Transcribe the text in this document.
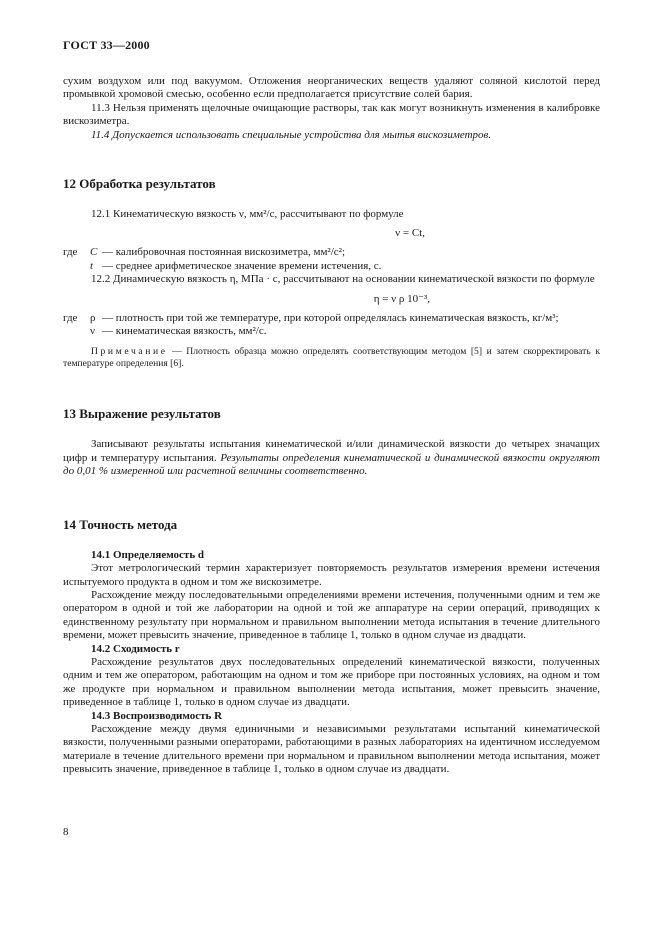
ГОСТ 33—2000

сухим воздухом или под вакуумом. Отложения неорганических веществ удаляют соляной кислотой перед промывкой хромовой смесью, особенно если предполагается присутствие солей бария.

11.3 Нельзя применять щелочные очищающие растворы, так как могут возникнуть изменения в калибровке вискозиметра.

11.4 Допускается использовать специальные устройства для мытья вискозиметров.

12 Обработка результатов

12.1 Кинематическую вязкость ν, мм²/с, рассчитывают по формуле

ν = Ct,
где	C — калибровочная постоянная вискозиметра, мм²/с²;
t — среднее арифметическое значение времени истечения, с.

12.2 Динамическую вязкость η, МПа · с, рассчитывают на основании кинематической вязкости по формуле

η = ν ρ 10⁻³,
где	ρ — плотность при той же температуре, при которой определялась кинематическая вязкость, кг/м³;
ν — кинематическая вязкость, мм²/с.
Примечание — Плотность образца можно определять соответствующим методом [5] и затем скорректировать к температуре определения [6].
13 Выражение результатов

Записывают результаты испытания кинематической и/или динамической вязкости до четырех значащих цифр и температуру испытания. Результаты определения кинематической и динамической вязкости округляют до 0,01 % измеренной или расчетной величины соответственно.

14 Точность метода
14.1 Определяемость d

Этот метрологический термин характеризует повторяемость результатов измерения времени истечения испытуемого продукта в одном и том же вискозиметре.

Расхождение между последовательными определениями времени истечения, полученными одним и тем же оператором в одной и той же лаборатории на одной и той же аппаратуре на серии операций, приводящих к единственному результату при нормальном и правильном выполнении метода испытания в течение длительного времени, может превысить значение, приведенное в таблице 1, только в одном случае из двадцати.

14.2 Сходимость r

Расхождение результатов двух последовательных определений кинематической вязкости, полученных одним и тем же оператором, работающим на одном и том же приборе при постоянных условиях, на одном и том же продукте при нормальном и правильном выполнении метода испытания, может превысить значение, приведенное в таблице 1, только в одном случае из двадцати.

14.3 Воспроизводимость R

Расхождение между двумя единичными и независимыми результатами испытаний кинематической вязкости, полученными разными операторами, работающими в разных лабораториях на идентичном исследуемом материале в течение длительного времени при нормальном и правильном выполнении метода испытания, может превысить значение, приведенное в таблице 1, только в одном случае из двадцати.

8
